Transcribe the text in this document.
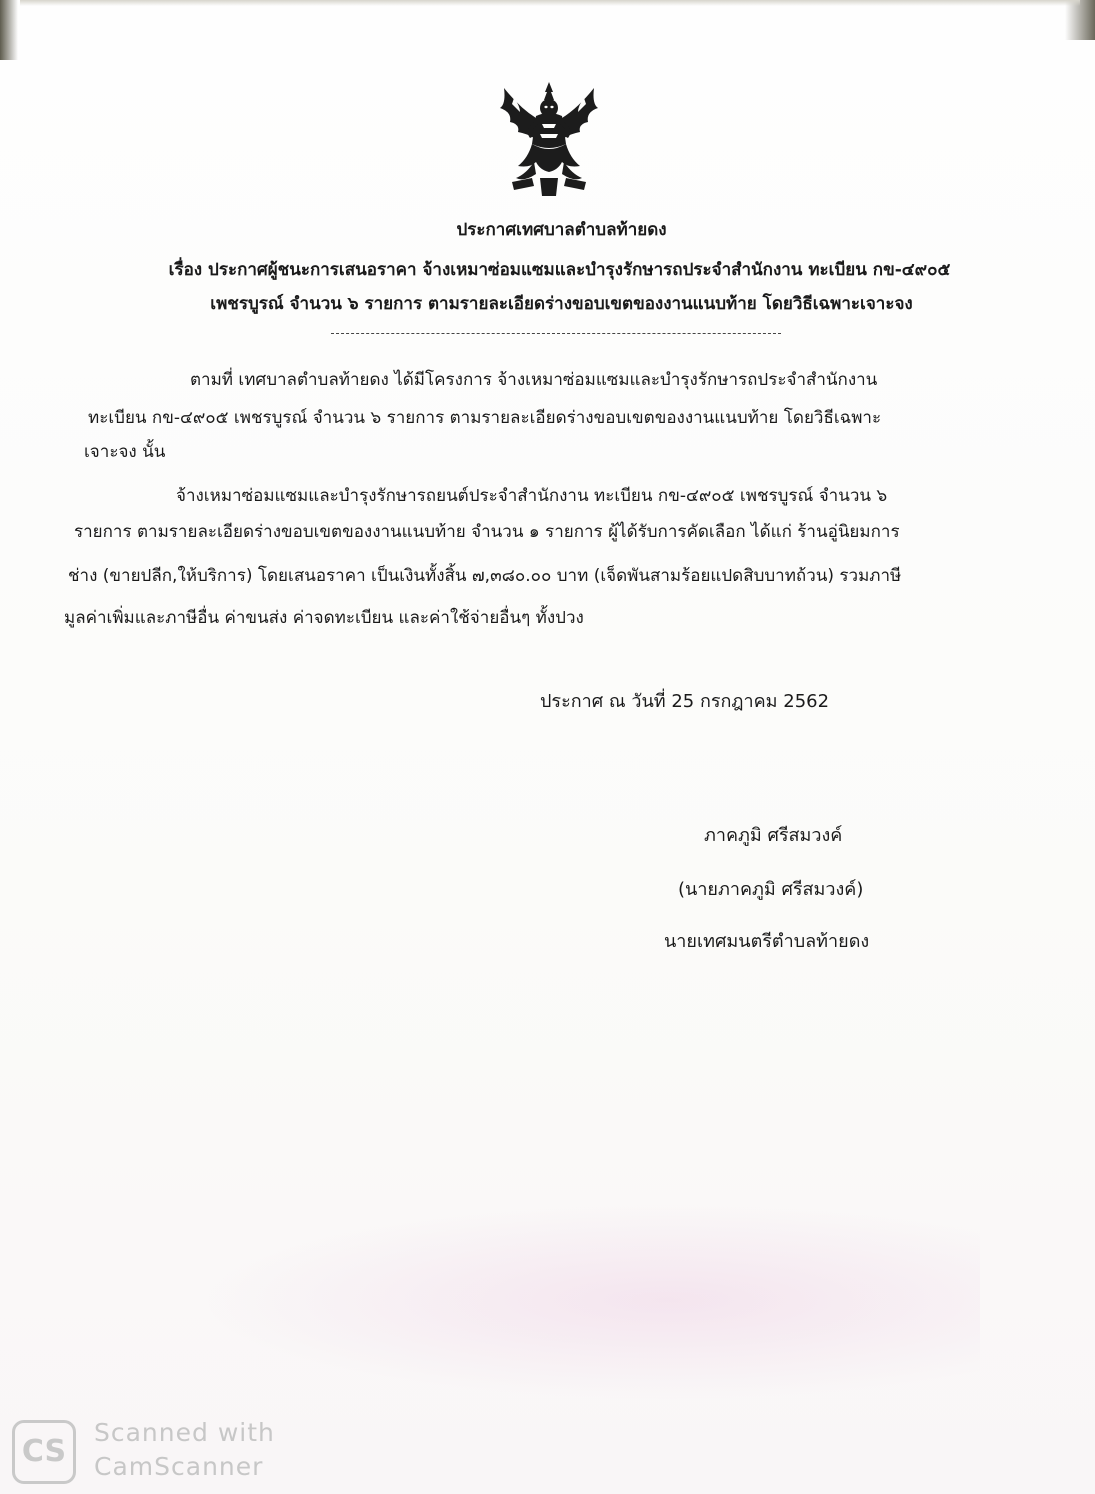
ประกาศเทศบาลตำบลท้ายดง
เรื่อง ประกาศผู้ชนะการเสนอราคา จ้างเหมาซ่อมแซมและบำรุงรักษารถประจำสำนักงาน ทะเบียน กข-๔๙๐๕
เพชรบูรณ์ จำนวน ๖ รายการ ตามรายละเอียดร่างขอบเขตของงานแนบท้าย โดยวิธีเฉพาะเจาะจง
ตามที่ เทศบาลตำบลท้ายดง ได้มีโครงการ จ้างเหมาซ่อมแซมและบำรุงรักษารถประจำสำนักงาน
ทะเบียน กข-๔๙๐๕ เพชรบูรณ์ จำนวน ๖ รายการ ตามรายละเอียดร่างขอบเขตของงานแนบท้าย โดยวิธีเฉพาะ
เจาะจง นั้น
จ้างเหมาซ่อมแซมและบำรุงรักษารถยนต์ประจำสำนักงาน ทะเบียน กข-๔๙๐๕ เพชรบูรณ์ จำนวน ๖
รายการ ตามรายละเอียดร่างขอบเขตของงานแนบท้าย จำนวน ๑ รายการ ผู้ได้รับการคัดเลือก ได้แก่ ร้านอู่นิยมการ
ช่าง (ขายปลีก,ให้บริการ) โดยเสนอราคา เป็นเงินทั้งสิ้น ๗,๓๘๐.๐๐ บาท (เจ็ดพันสามร้อยแปดสิบบาทถ้วน) รวมภาษี
มูลค่าเพิ่มและภาษีอื่น ค่าขนส่ง ค่าจดทะเบียน และค่าใช้จ่ายอื่นๆ ทั้งปวง
ประกาศ ณ วันที่ 25 กรกฎาคม 2562
ภาคภูมิ ศรีสมวงค์
(นายภาคภูมิ ศรีสมวงค์)
นายเทศมนตรีตำบลท้ายดง
CS
Scanned with
CamScanner
